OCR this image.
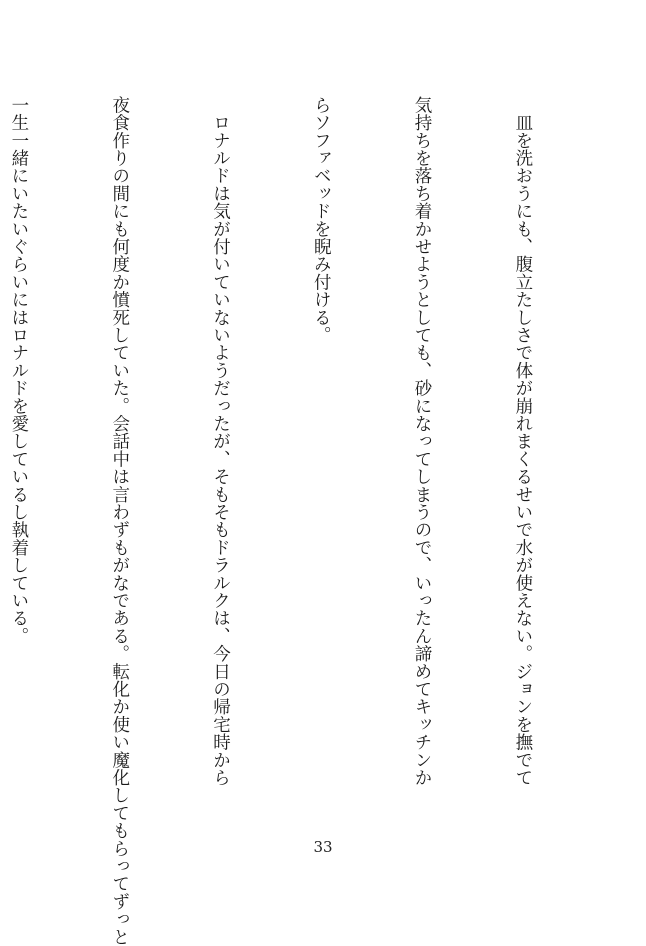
　皿を洗おうにも、腹立たしさで体が崩れまくるせいで水が使えない。ジョンを撫でて

気持ちを落ち着かせようとしても、砂になってしまうので、いったん諦めてキッチンか

らソファベッドを睨み付ける。

　ロナルドは気が付いていないようだったが、そもそもドラルクは、今日の帰宅時から

夜食作りの間にも何度か憤死していた。会話中は言わずもがなである。転化か使い魔化してもらってずっと

一生一緒にいたいぐらいにはロナルドを愛しているし執着している。

33
